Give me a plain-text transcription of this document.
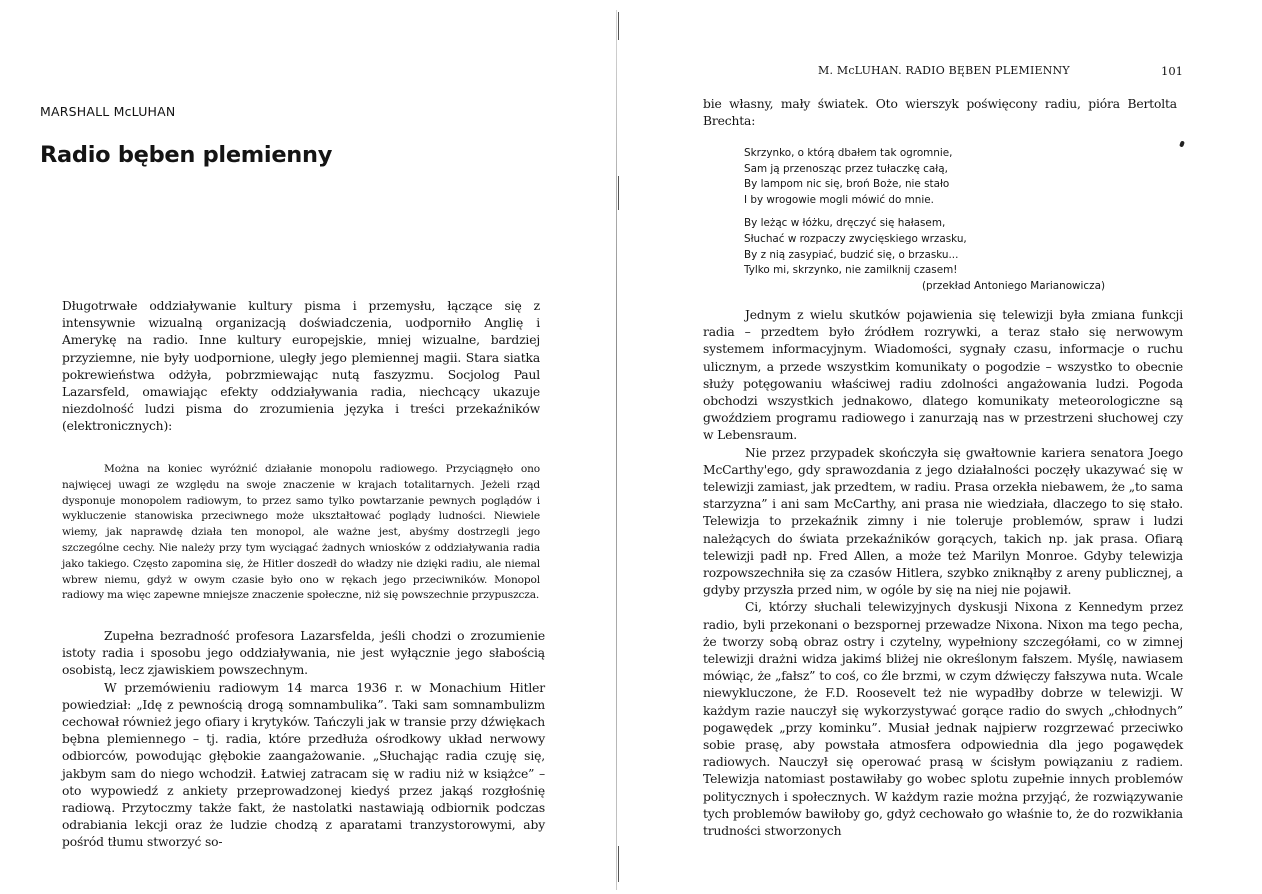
MARSHALL McLUHAN

Radio bęben plemienny

Długotrwałe oddziaływanie kultury pisma i przemysłu, łączące się z intensywnie wizualną organizacją doświadczenia, uodporniło Anglię i Amerykę na radio. Inne kultury europejskie, mniej wizualne, bardziej przyziemne, nie były uodpornione, uległy jego plemiennej magii. Stara siatka pokrewieństwa odżyła, pobrzmiewając nutą faszyzmu. Socjolog Paul Lazarsfeld, omawiając efekty oddziaływania radia, niechcący ukazuje niezdolność ludzi pisma do zrozumienia języka i treści przekaźników (elektronicznych):

Można na koniec wyróżnić działanie monopolu radiowego. Przyciągnęło ono najwięcej uwagi ze względu na swoje znaczenie w krajach totalitarnych. Jeżeli rząd dysponuje monopolem radiowym, to przez samo tylko powtarzanie pewnych poglądów i wykluczenie stanowiska przeciwnego może ukształtować poglądy ludności. Niewiele wiemy, jak naprawdę działa ten monopol, ale ważne jest, abyśmy dostrzegli jego szczególne cechy. Nie należy przy tym wyciągać żadnych wniosków z oddziaływania radia jako takiego. Często zapomina się, że Hitler doszedł do władzy nie dzięki radiu, ale niemal wbrew niemu, gdyż w owym czasie było ono w rękach jego przeciwników. Monopol radiowy ma więc zapewne mniejsze znaczenie społeczne, niż się powszechnie przypuszcza.

Zupełna bezradność profesora Lazarsfelda, jeśli chodzi o zrozumienie istoty radia i sposobu jego oddziaływania, nie jest wyłącznie jego słabością osobistą, lecz zjawiskiem powszechnym.

W przemówieniu radiowym 14 marca 1936 r. w Monachium Hitler powiedział: „Idę z pewnością drogą somnambulika”. Taki sam somnambulizm cechował również jego ofiary i krytyków. Tańczyli jak w transie przy dźwiękach bębna plemiennego – tj. radia, które przedłuża ośrodkowy układ nerwowy odbiorców, powodując głębokie zaangażowanie. „Słuchając radia czuję się, jakbym sam do niego wchodził. Łatwiej zatracam się w radiu niż w książce” – oto wypowiedź z ankiety przeprowadzonej kiedyś przez jakąś rozgłośnię radiową. Przytoczmy także fakt, że nastolatki nastawiają odbiornik podczas odrabiania lekcji oraz że ludzie chodzą z aparatami tranzystorowymi, aby pośród tłumu stworzyć so-

M. McLUHAN. RADIO BĘBEN PLEMIENNY	101

bie własny, mały światek. Oto wierszyk poświęcony radiu, pióra Bertolta Brechta:

Skrzynko, o którą dbałem tak ogromnie,
Sam ją przenosząc przez tułaczkę całą,
By lampom nic się, broń Boże, nie stało
I by wrogowie mogli mówić do mnie.
By leżąc w łóżku, dręczyć się hałasem,
Słuchać w rozpaczy zwycięskiego wrzasku,
By z nią zasypiać, budzić się, o brzasku...
Tylko mi, skrzynko, nie zamilknij czasem!
(przekład Antoniego Marianowicza)

Jednym z wielu skutków pojawienia się telewizji była zmiana funkcji radia – przedtem było źródłem rozrywki, a teraz stało się nerwowym systemem informacyjnym. Wiadomości, sygnały czasu, informacje o ruchu ulicznym, a przede wszystkim komunikaty o pogodzie – wszystko to obecnie służy potęgowaniu właściwej radiu zdolności angażowania ludzi. Pogoda obchodzi wszystkich jednakowo, dlatego komunikaty meteorologiczne są gwoździem programu radiowego i zanurzają nas w przestrzeni słuchowej czy w Lebensraum.

Nie przez przypadek skończyła się gwałtownie kariera senatora Joego McCarthy'ego, gdy sprawozdania z jego działalności poczęły ukazywać się w telewizji zamiast, jak przedtem, w radiu. Prasa orzekła niebawem, że „to sama starzyzna” i ani sam McCarthy, ani prasa nie wiedziała, dlaczego to się stało. Telewizja to przekaźnik zimny i nie toleruje problemów, spraw i ludzi należących do świata przekaźników gorących, takich np. jak prasa. Ofiarą telewizji padł np. Fred Allen, a może też Marilyn Monroe. Gdyby telewizja rozpowszechniła się za czasów Hitlera, szybko zniknąłby z areny publicznej, a gdyby przyszła przed nim, w ogóle by się na niej nie pojawił.

Ci, którzy słuchali telewizyjnych dyskusji Nixona z Kennedym przez radio, byli przekonani o bezspornej przewadze Nixona. Nixon ma tego pecha, że tworzy sobą obraz ostry i czytelny, wypełniony szczegółami, co w zimnej telewizji drażni widza jakimś bliżej nie określonym fałszem. Myślę, nawiasem mówiąc, że „fałsz” to coś, co źle brzmi, w czym dźwięczy fałszywa nuta. Wcale niewykluczone, że F.D. Roosevelt też nie wypadłby dobrze w telewizji. W każdym razie nauczył się wykorzystywać gorące radio do swych „chłodnych” pogawędek „przy kominku”. Musiał jednak najpierw rozgrzewać przeciwko sobie prasę, aby powstała atmosfera odpowiednia dla jego pogawędek radiowych. Nauczył się operować prasą w ścisłym powiązaniu z radiem. Telewizja natomiast postawiłaby go wobec splotu zupełnie innych problemów politycznych i społecznych. W każdym razie można przyjąć, że rozwiązywanie tych problemów bawiłoby go, gdyż cechowało go właśnie to, że do rozwikłania trudności stworzonych
